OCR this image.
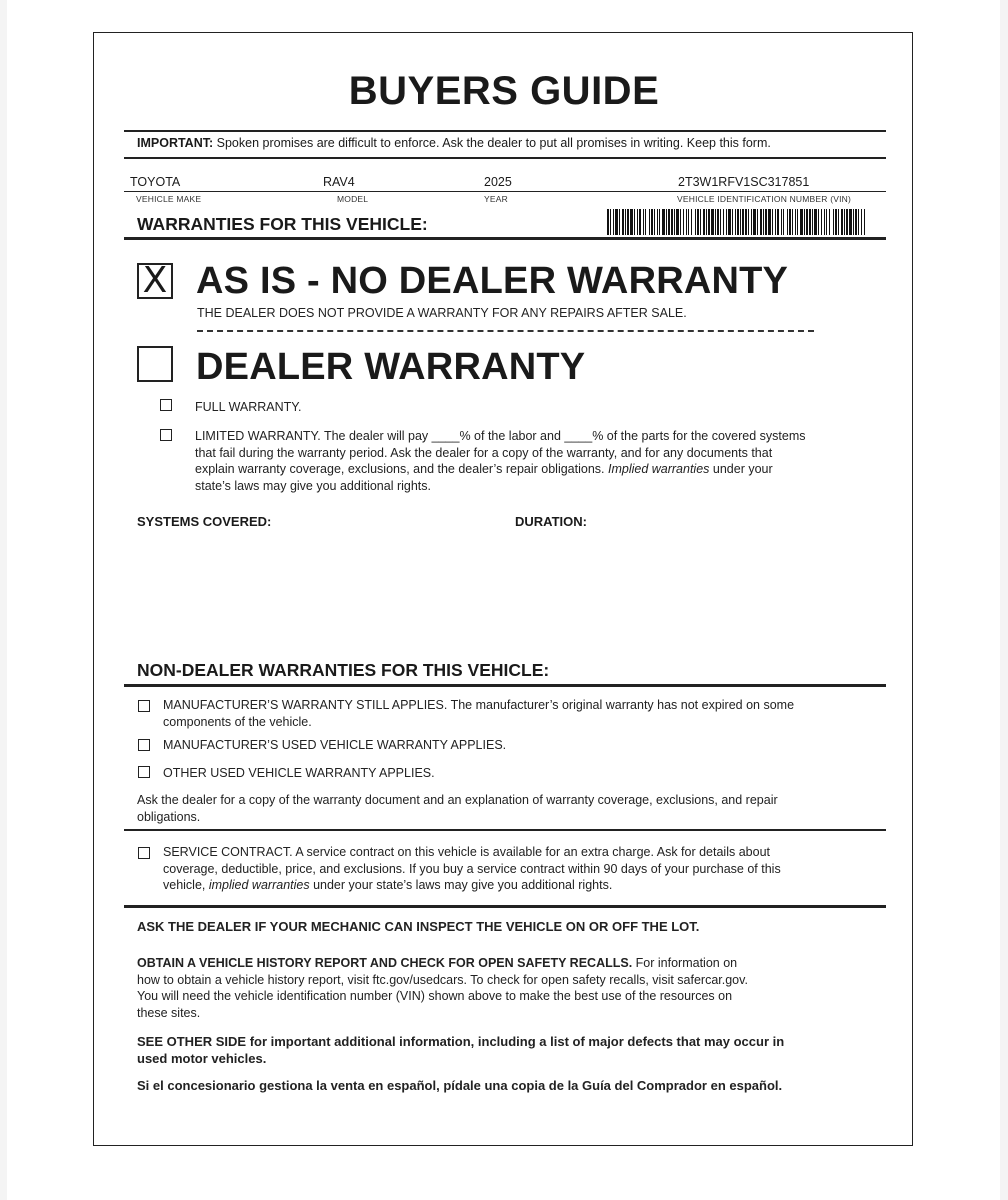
BUYERS GUIDE
IMPORTANT: Spoken promises are difficult to enforce. Ask the dealer to put all promises in writing. Keep this form.
TOYOTA	RAV4	2025	2T3W1RFV1SC317851
VEHICLE MAKE	MODEL	YEAR	VEHICLE IDENTIFICATION NUMBER (VIN)
WARRANTIES FOR THIS VEHICLE:
X AS IS - NO DEALER WARRANTY
THE DEALER DOES NOT PROVIDE A WARRANTY FOR ANY REPAIRS AFTER SALE.
DEALER WARRANTY
FULL WARRANTY.
LIMITED WARRANTY. The dealer will pay ____% of the labor and ____% of the parts for the covered systems
that fail during the warranty period. Ask the dealer for a copy of the warranty, and for any documents that
explain warranty coverage, exclusions, and the dealer’s repair obligations. Implied warranties under your
state’s laws may give you additional rights.
SYSTEMS COVERED:	DURATION:
NON-DEALER WARRANTIES FOR THIS VEHICLE:
MANUFACTURER’S WARRANTY STILL APPLIES. The manufacturer’s original warranty has not expired on some
components of the vehicle.
MANUFACTURER’S USED VEHICLE WARRANTY APPLIES.
OTHER USED VEHICLE WARRANTY APPLIES.
Ask the dealer for a copy of the warranty document and an explanation of warranty coverage, exclusions, and repair
obligations.
SERVICE CONTRACT. A service contract on this vehicle is available for an extra charge. Ask for details about
coverage, deductible, price, and exclusions. If you buy a service contract within 90 days of your purchase of this
vehicle, implied warranties under your state’s laws may give you additional rights.
ASK THE DEALER IF YOUR MECHANIC CAN INSPECT THE VEHICLE ON OR OFF THE LOT.
OBTAIN A VEHICLE HISTORY REPORT AND CHECK FOR OPEN SAFETY RECALLS. For information on
how to obtain a vehicle history report, visit ftc.gov/usedcars. To check for open safety recalls, visit safercar.gov.
You will need the vehicle identification number (VIN) shown above to make the best use of the resources on
these sites.
SEE OTHER SIDE for important additional information, including a list of major defects that may occur in
used motor vehicles.
Si el concesionario gestiona la venta en español, pídale una copia de la Guía del Comprador en español.
